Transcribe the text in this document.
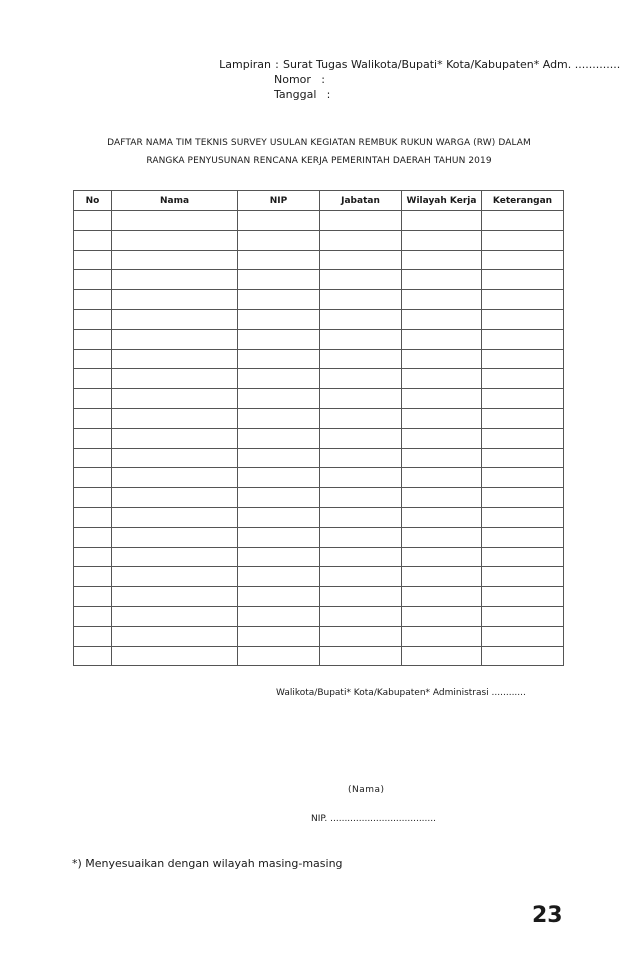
Lampiran : Surat Tugas Walikota/Bupati* Kota/Kabupaten* Adm. .............
Nomor :
Tanggal :
DAFTAR NAMA TIM TEKNIS SURVEY USULAN KEGIATAN REMBUK RUKUN WARGA (RW) DALAM
RANGKA PENYUSUNAN RENCANA KERJA PEMERINTAH DAERAH TAHUN 2019
No	Nama	NIP	Jabatan	Wilayah Kerja	Keterangan

Walikota/Bupati* Kota/Kabupaten* Administrasi ............
(Nama)
NIP. .....................................
*) Menyesuaikan dengan wilayah masing-masing
23
